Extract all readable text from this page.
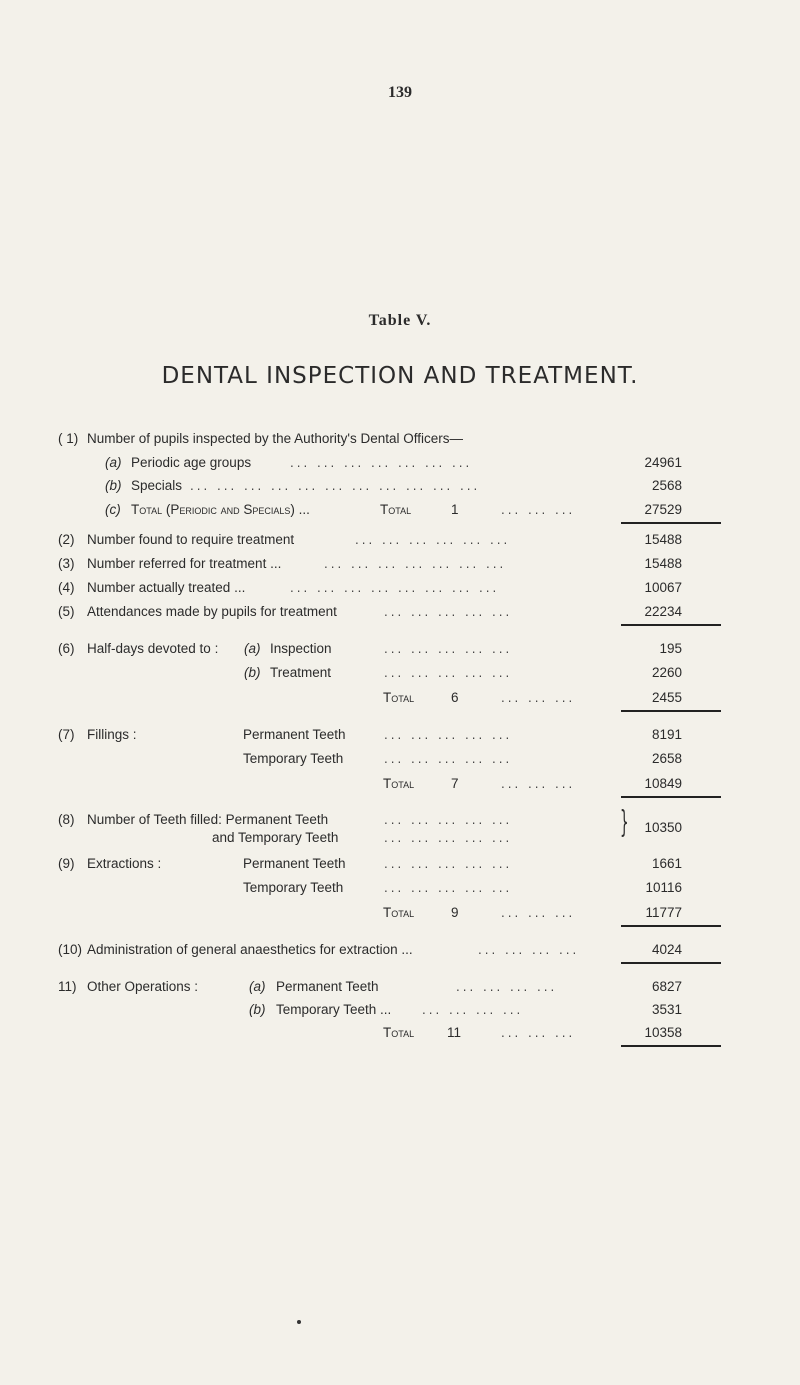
139
Table V.
DENTAL INSPECTION AND TREATMENT.
( 1) Number of pupils inspected by the Authority's Dental Officers—
(a) Periodic age groups	... ... ... ... ... ... ...	24961
(b) Specials ... ... ... ... ... ... ... ... ... ... ...	2568
(c) Total (Periodic and Specials) ...	Total	1	... ... ...	27529
(2) Number found to require treatment	... ... ... ... ... ...	15488
(3) Number referred for treatment ...	... ... ... ... ... ... ...	15488
(4) Number actually treated ...	... ... ... ... ... ... ... ...	10067
(5) Attendances made by pupils for treatment	... ... ... ... ...	22234
(6) Half-days devoted to : (a) Inspection	... ... ... ... ...	195
(b) Treatment	... ... ... ... ...	2260
Total	6	... ... ...	2455
(7) Fillings :	Permanent Teeth	... ... ... ... ...	8191
Temporary Teeth	... ... ... ... ...	2658
Total	7	... ... ...	10849
(8) Number of Teeth filled: Permanent Teeth	... ... ... ... ...
and Temporary Teeth	... ... ... ... ...	}	10350
(9) Extractions :	Permanent Teeth	... ... ... ... ...	1661
Temporary Teeth	... ... ... ... ...	10116
Total	9	... ... ...	11777
(10) Administration of general anaesthetics for extraction ...	... ... ... ...	4024
11) Other Operations :	(a) Permanent Teeth	... ... ... ...	6827
(b) Temporary Teeth ... ... ... ... ...	3531
Total 11	... ... ...	10358
